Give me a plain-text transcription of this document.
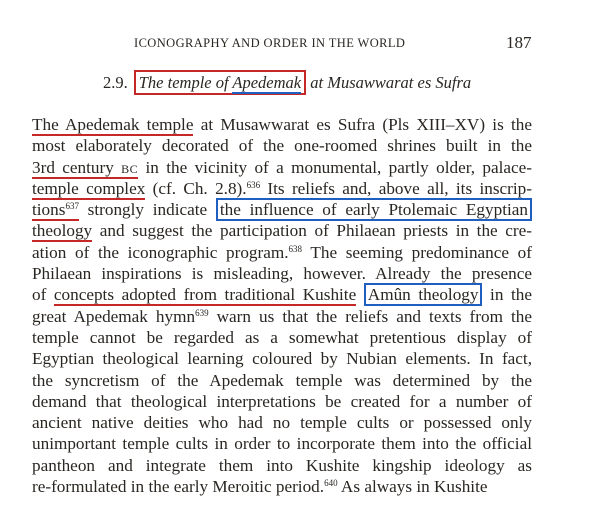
ICONOGRAPHY AND ORDER IN THE WORLD	187
2.9. The temple of Apedemak at Musawwarat es Sufra
The Apedemak temple at Musawwarat es Sufra (Pls XIII–XV) is the
most elaborately decorated of the one-roomed shrines built in the
3rd century BC in the vicinity of a monumental, partly older, palace-
temple complex (cf. Ch. 2.8).$^{636}$ Its reliefs and, above all, its inscrip-
tions$^{637}$ strongly indicate the influence of early Ptolemaic Egyptian
theology and suggest the participation of Philaean priests in the cre-
ation of the iconographic program.$^{638}$ The seeming predominance of
Philaean inspirations is misleading, however. Already the presence
of concepts adopted from traditional Kushite Amûn theology in the
great Apedemak hymn$^{639}$ warn us that the reliefs and texts from the
temple cannot be regarded as a somewhat pretentious display of
Egyptian theological learning coloured by Nubian elements. In fact,
the syncretism of the Apedemak temple was determined by the
demand that theological interpretations be created for a number of
ancient native deities who had no temple cults or possessed only
unimportant temple cults in order to incorporate them into the official
pantheon and integrate them into Kushite kingship ideology as
re-formulated in the early Meroitic period.$^{640}$ As always in Kushite
